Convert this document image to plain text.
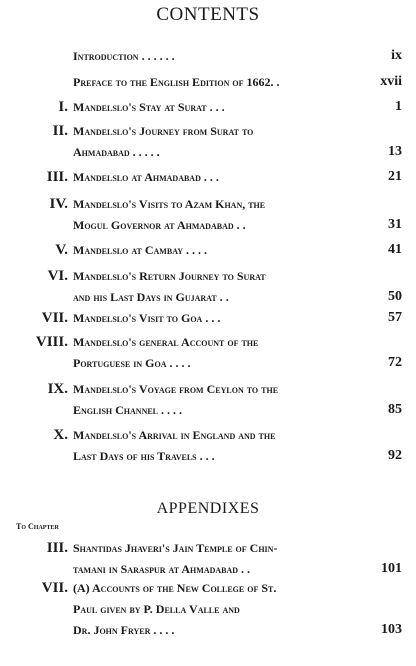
CONTENTS
Introduction . . . . . .	ix
Preface to the English Edition of 1662. .	xvii
I. Mandelslo's Stay at Surat . . .	1
II. Mandelslo's Journey from Surat to
Ahmadabad . . . . .	13
III. Mandelslo at Ahmadabad . . .	21
IV. Mandelslo's Visits to Azam Khan, the
Mogul Governor at Ahmadabad . .	31
V. Mandelslo at Cambay . . . .	41
VI. Mandelslo's Return Journey to Surat
and his Last Days in Gujarat . .	50
VII. Mandelslo's Visit to Goa . . .	57
VIII. Mandelslo's general Account of the
Portuguese in Goa . . . .	72
IX. Mandelslo's Voyage from Ceylon to the
English Channel . . . .	85
X. Mandelslo's Arrival in England and the
Last Days of his Travels . . .	92
APPENDIXES
To Chapter
III. Shantidas Jhaveri's Jain Temple of Chin-
tamani in Saraspur at Ahmadabad . .	101
VII. (A) Accounts of the New College of St.
Paul given by P. Della Valle and
Dr. John Fryer . . . .	103
